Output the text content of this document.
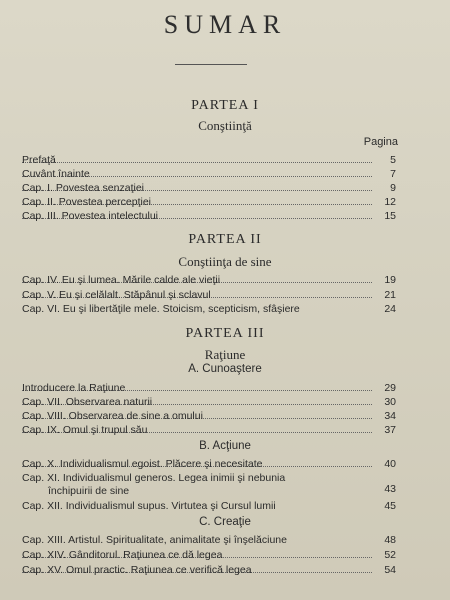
SUMAR
PARTEA I
Conştiinţă
Pagina
Prefaţă	5
Cuvânt înainte	7
Cap. I. Povestea senzaţiei	9
Cap. II. Povestea percepţiei	12
Cap. III. Povestea intelectului	15
PARTEA II
Conştiinţa de sine
Cap. IV. Eu şi lumea. Mările calde ale vieţii	19
Cap. V. Eu şi celălalt. Stăpânul şi sclavul	21
Cap. VI. Eu şi libertăţile mele. Stoicism, scepticism, sfâşiere	24
PARTEA III
Raţiune
A. Cunoaştere
Introducere la Raţiune	29
Cap. VII. Observarea naturii	30
Cap. VIII. Observarea de sine a omului	34
Cap. IX. Omul şi trupul său	37
B. Acţiune
Cap. X. Individualismul egoist. Plăcere şi necesitate	40
Cap. XI. Individualismul generos. Legea inimii şi nebunia
închipuirii de sine	43
Cap. XII. Individualismul supus. Virtutea şi Cursul lumii	45
C. Creaţie
Cap. XIII. Artistul. Spiritualitate, animalitate şi înşelăciune	48
Cap. XIV. Gânditorul. Raţiunea ce dă legea	52
Cap. XV. Omul practic. Raţiunea ce verifică legea	54
